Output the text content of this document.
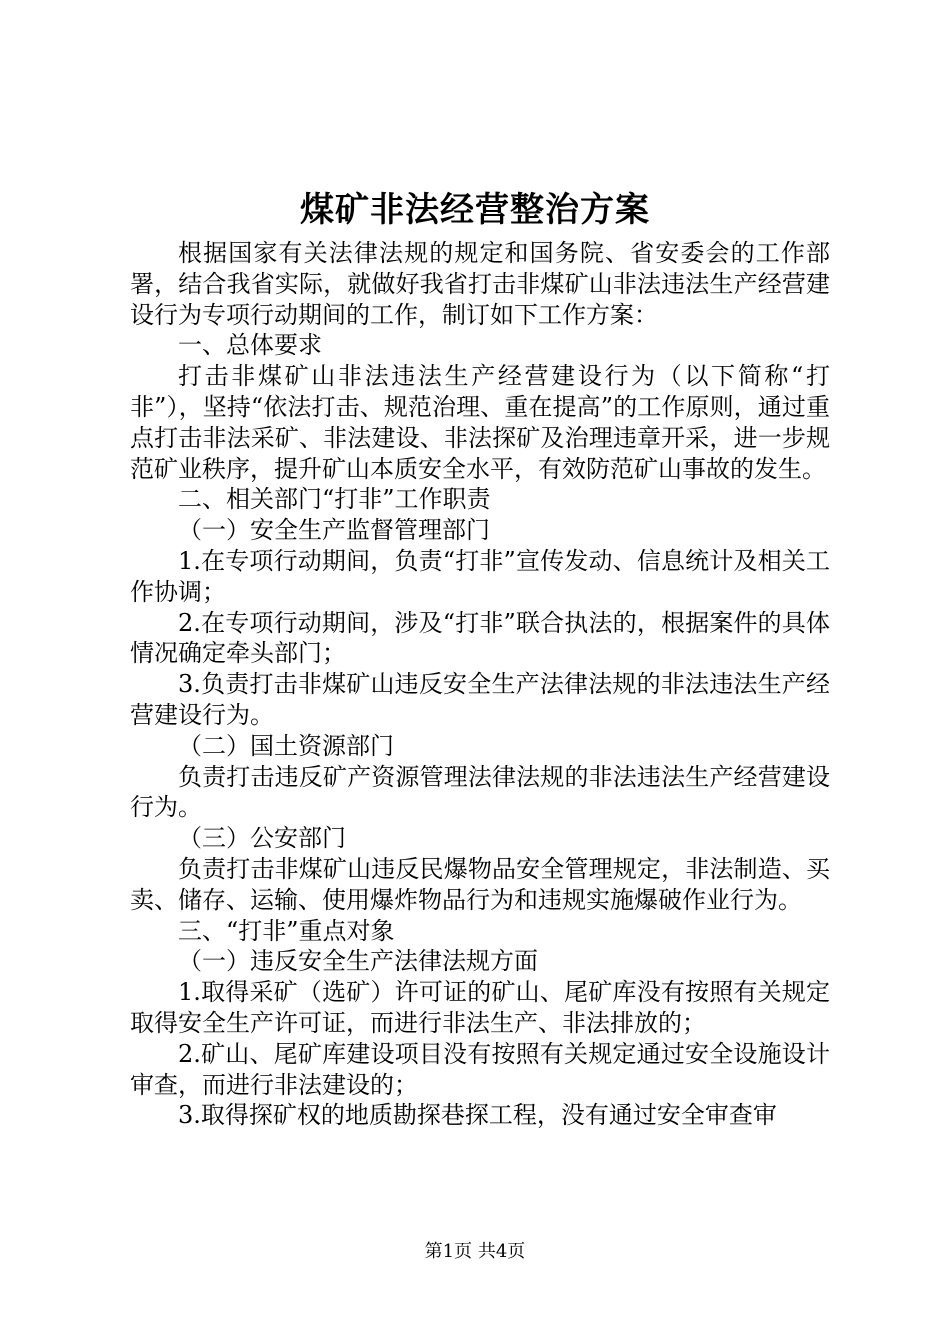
煤矿非法经营整治方案

根据国家有关法律法规的规定和国务院、省安委会的工作部署，结合我省实际，就做好我省打击非煤矿山非法违法生产经营建设行为专项行动期间的工作，制订如下工作方案：

一、总体要求

打击非煤矿山非法违法生产经营建设行为（以下简称“打非”），坚持“依法打击、规范治理、重在提高”的工作原则，通过重点打击非法采矿、非法建设、非法探矿及治理违章开采，进一步规范矿业秩序，提升矿山本质安全水平，有效防范矿山事故的发生。

二、相关部门“打非”工作职责

（一）安全生产监督管理部门

1.在专项行动期间，负责“打非”宣传发动、信息统计及相关工作协调；

2.在专项行动期间，涉及“打非”联合执法的，根据案件的具体情况确定牵头部门；

3.负责打击非煤矿山违反安全生产法律法规的非法违法生产经营建设行为。

（二）国土资源部门

负责打击违反矿产资源管理法律法规的非法违法生产经营建设行为。

（三）公安部门

负责打击非煤矿山违反民爆物品安全管理规定，非法制造、买卖、储存、运输、使用爆炸物品行为和违规实施爆破作业行为。

三、“打非”重点对象

（一）违反安全生产法律法规方面

1.取得采矿（选矿）许可证的矿山、尾矿库没有按照有关规定取得安全生产许可证，而进行非法生产、非法排放的；

2.矿山、尾矿库建设项目没有按照有关规定通过安全设施设计审查，而进行非法建设的；

3.取得探矿权的地质勘探巷探工程，没有通过安全审查审

第1页 共4页
